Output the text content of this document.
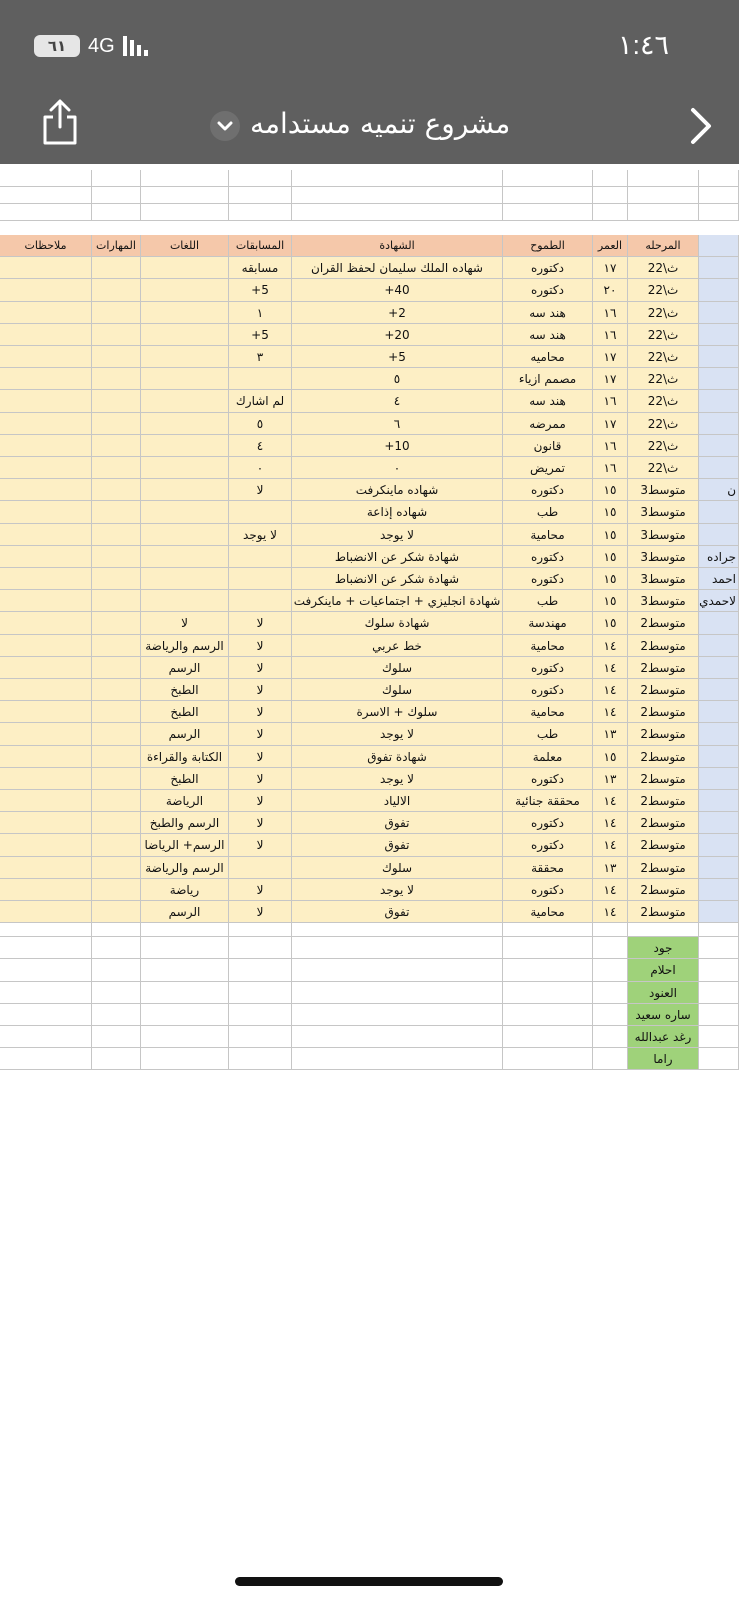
٦١	4G	١:٤٦
مشروع تنميه مستدامه
المرحله
العمر
الطموح
الشهادة
المسابقات
اللغات
المهارات
ملاحظات
ث\22
١٧
دكتوره
شهاده الملك سليمان لحفظ القران
مسابقه
ث\22
٢٠
دكتوره
40+
5+
ث\22
١٦
هند سه
2+
١
ث\22
١٦
هند سه
20+
5+
ث\22
١٧
محاميه
5+
٣
ث\22
١٧
مصمم ازياء
٥
ث\22
١٦
هند سه
٤
لم اشارك
ث\22
١٧
ممرضه
٦
٥
ث\22
١٦
قانون
10+
٤
ث\22
١٦
تمريض
٠
٠
ن
متوسط3
١٥
دكتوره
شهاده ماينكرفت
لا
متوسط3
١٥
طب
شهاده إذاعة
متوسط3
١٥
محامية
لا يوجد
لا يوجد
جراده
متوسط3
١٥
دكتوره
شهادة شكر عن الانضباط
احمد
متوسط3
١٥
دكتوره
شهادة شكر عن الانضباط
لاحمدي
متوسط3
١٥
طب
شهادة انجليزي + اجتماعيات + ماينكرفت
متوسط2
١٥
مهندسة
شهادة سلوك
لا
لا
متوسط2
١٤
محامية
خط عربي
لا
الرسم والرياضة
متوسط2
١٤
دكتوره
سلوك
لا
الرسم
متوسط2
١٤
دكتوره
سلوك
لا
الطبخ
متوسط2
١٤
محامية
سلوك + الاسرة
لا
الطبخ
متوسط2
١٣
طب
لا يوجد
لا
الرسم
متوسط2
١٥
معلمة
شهادة تفوق
لا
الكتابة والقراءة
متوسط2
١٣
دكتوره
لا يوجد
لا
الطبخ
متوسط2
١٤
محققة جنائية
الالياد
لا
الرياضة
متوسط2
١٤
دكتوره
تفوق
لا
الرسم والطبخ
متوسط2
١٤
دكتوره
تفوق
لا
الرسم+ الرياضا
متوسط2
١٣
محققة
سلوك
الرسم والرياضة
متوسط2
١٤
دكتوره
لا يوجد
لا
رياضة
متوسط2
١٤
محامية
تفوق
لا
الرسم
جود
احلام
العنود
ساره سعيد
رغد عبدالله
راما
